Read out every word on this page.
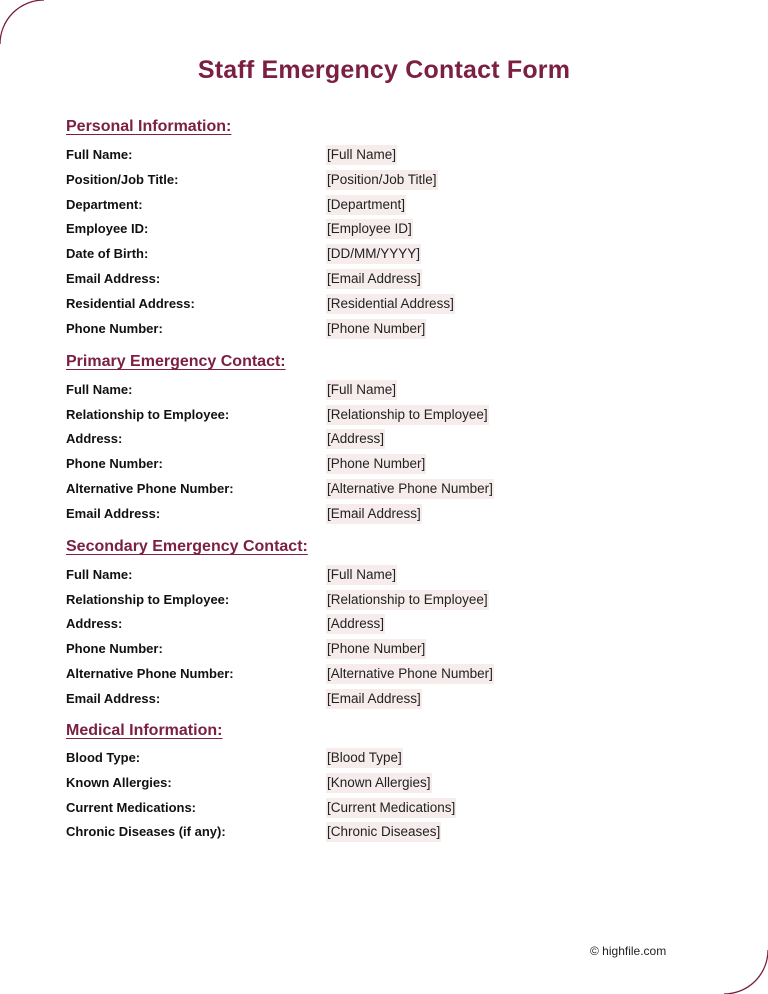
Staff Emergency Contact Form
Personal Information:
Full Name:	[Full Name]
Position/Job Title:	[Position/Job Title]
Department:	[Department]
Employee ID:	[Employee ID]
Date of Birth:	[DD/MM/YYYY]
Email Address:	[Email Address]
Residential Address:	[Residential Address]
Phone Number:	[Phone Number]
Primary Emergency Contact:
Full Name:	[Full Name]
Relationship to Employee:	[Relationship to Employee]
Address:	[Address]
Phone Number:	[Phone Number]
Alternative Phone Number:	[Alternative Phone Number]
Email Address:	[Email Address]
Secondary Emergency Contact:
Full Name:	[Full Name]
Relationship to Employee:	[Relationship to Employee]
Address:	[Address]
Phone Number:	[Phone Number]
Alternative Phone Number:	[Alternative Phone Number]
Email Address:	[Email Address]
Medical Information:
Blood Type:	[Blood Type]
Known Allergies:	[Known Allergies]
Current Medications:	[Current Medications]
Chronic Diseases (if any):	[Chronic Diseases]
© highfile.com
